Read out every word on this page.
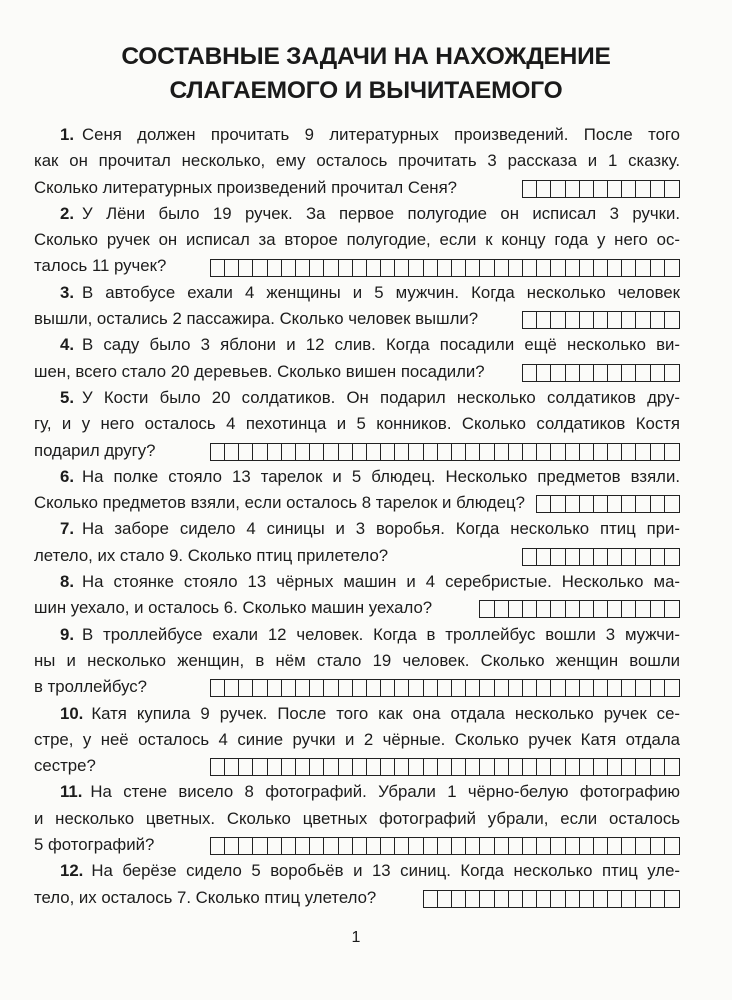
СОСТАВНЫЕ ЗАДАЧИ НА НАХОЖДЕНИЕ
СЛАГАЕМОГО И ВЫЧИТАЕМОГО
1. Сеня должен прочитать 9 литературных произведений. После того
как он прочитал несколько, ему осталось прочитать 3 рассказа и 1 сказку.
Сколько литературных произведений прочитал Сеня?
2. У Лёни было 19 ручек. За первое полугодие он исписал 3 ручки.
Сколько ручек он исписал за второе полугодие, если к концу года у него ос-
талось 11 ручек?
3. В автобусе ехали 4 женщины и 5 мужчин. Когда несколько человек
вышли, остались 2 пассажира. Сколько человек вышли?
4. В саду было 3 яблони и 12 слив. Когда посадили ещё несколько ви-
шен, всего стало 20 деревьев. Сколько вишен посадили?
5. У Кости было 20 солдатиков. Он подарил несколько солдатиков дру-
гу, и у него осталось 4 пехотинца и 5 конников. Сколько солдатиков Костя
подарил другу?
6. На полке стояло 13 тарелок и 5 блюдец. Несколько предметов взяли.
Сколько предметов взяли, если осталось 8 тарелок и блюдец?
7. На заборе сидело 4 синицы и 3 воробья. Когда несколько птиц при-
летело, их стало 9. Сколько птиц прилетело?
8. На стоянке стояло 13 чёрных машин и 4 серебристые. Несколько ма-
шин уехало, и осталось 6. Сколько машин уехало?
9. В троллейбусе ехали 12 человек. Когда в троллейбус вошли 3 мужчи-
ны и несколько женщин, в нём стало 19 человек. Сколько женщин вошли
в троллейбус?
10. Катя купила 9 ручек. После того как она отдала несколько ручек се-
стре, у неё осталось 4 синие ручки и 2 чёрные. Сколько ручек Катя отдала
сестре?
11. На стене висело 8 фотографий. Убрали 1 чёрно-белую фотографию
и несколько цветных. Сколько цветных фотографий убрали, если осталось
5 фотографий?
12. На берёзе сидело 5 воробьёв и 13 синиц. Когда несколько птиц уле-
тело, их осталось 7. Сколько птиц улетело?
1
